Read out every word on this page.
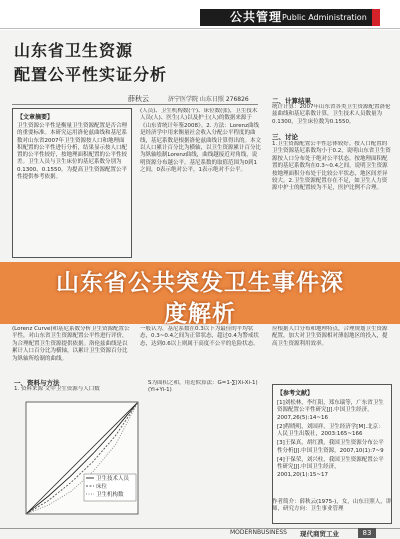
公共管理 Public Administration
山东省卫生资源
配置公平性实证分析
薛秋云	济宁医学院 山东日照 276826
【文章摘要】

卫生资源公平性是衡量卫生资源配置是否合理的重要标准。本研究运用洛伦兹曲线和基尼系数对山东省2007年卫生资源按人口和地理面积配置的公平性进行分析，结果显示按人口配置的公平性较好，按地理面积配置的公平性较差。卫生人员与卫生床位的基尼系数分别为0.1300、0.1550。为提高卫生资源配置公平性提供参考依据。

(Lorenz Curve)和基尼系数分析卫生资源配置公平性，对山东省卫生资源配置公平性进行评价，为合理配置卫生资源提供依据。洛伦兹曲线是以累计人口百分比为横轴，以累计卫生资源百分比为纵轴所绘制的曲线。

一、资料与方法
1. 资料来源 文中卫生资源与人口数

(人员)、卫生机构数(个)、床位数(张)，卫生技术人员(人)、医生(人)以及护士(人)的数据来源于《山东省统计年鉴2008》。2. 方法：Lorenz曲线是经济学中用来衡量社会收入分配公平程度的曲线，基尼系数是根据洛伦兹曲线计算得出的。本文以人口累计百分比为横轴，以卫生资源累计百分比为纵轴绘制Lorenz曲线，曲线越接近对角线，说明资源分布越公平。基尼系数的取值范围为0到1之间，0表示绝对公平，1表示绝对不公平。

一般认为，基尼系数在0.3以下为最佳的平均状态，0.3~0.4之间为正常状态，超过0.4为警戒状态，达到0.6以上则属于高度不公平的危险状态。

S为面积之和，用近似算法：G=1-∑(Xi-Xi-1)(Yi+Yi-1)
二、计算结果

统计计算：2007年山东省各类卫生资源配置洛伦兹曲线和基尼系数计算，卫生技术人员数量为0.1300，卫生床位数为0.1550。

三、讨论

1.卫生资源配置公平性总体较好。按人口配置的卫生资源基尼系数均小于0.2，说明山东省卫生资源按人口分布处于绝对公平状态。按地理面积配置的基尼系数均在0.3~0.4之间，说明卫生资源按地理面积分布处于比较公平状态，地区间差异较大。2.卫生资源配置存在不足，如卫生人力资源中护士的配置较为不足，医护比例不合理。

应根据人口分布和地理特点，合理规划卫生资源配置，加大对卫生资源相对薄弱地区的投入，提高卫生资源利用效率。

卫生技术人员
床位
卫生机构数
【参考文献】

[1]刘松林，李红阳，郑东瑞等，广东省卫生资源配置公平性研究[J].中国卫生经济，2007,26(5):14~16

[2]程晓明，刘国祥，卫生经济学[M].北京：人民卫生出版社，2003:165~166

[3]王保真，胡红濮，我国卫生资源分布公平性分析[J].中国卫生资源，2007,10(1):7~9

[4]于保荣，刘兴柱，我国卫生资源配置公平性研究[J].中国卫生经济，2001,20(1):15~17

作者简介：薛秋云(1975-)，女，山东日照人，讲师，研究方向：卫生事业管理
山东省公共突发卫生事件深
度解析
MODERNBUSINESS 现代商贸工业	83
